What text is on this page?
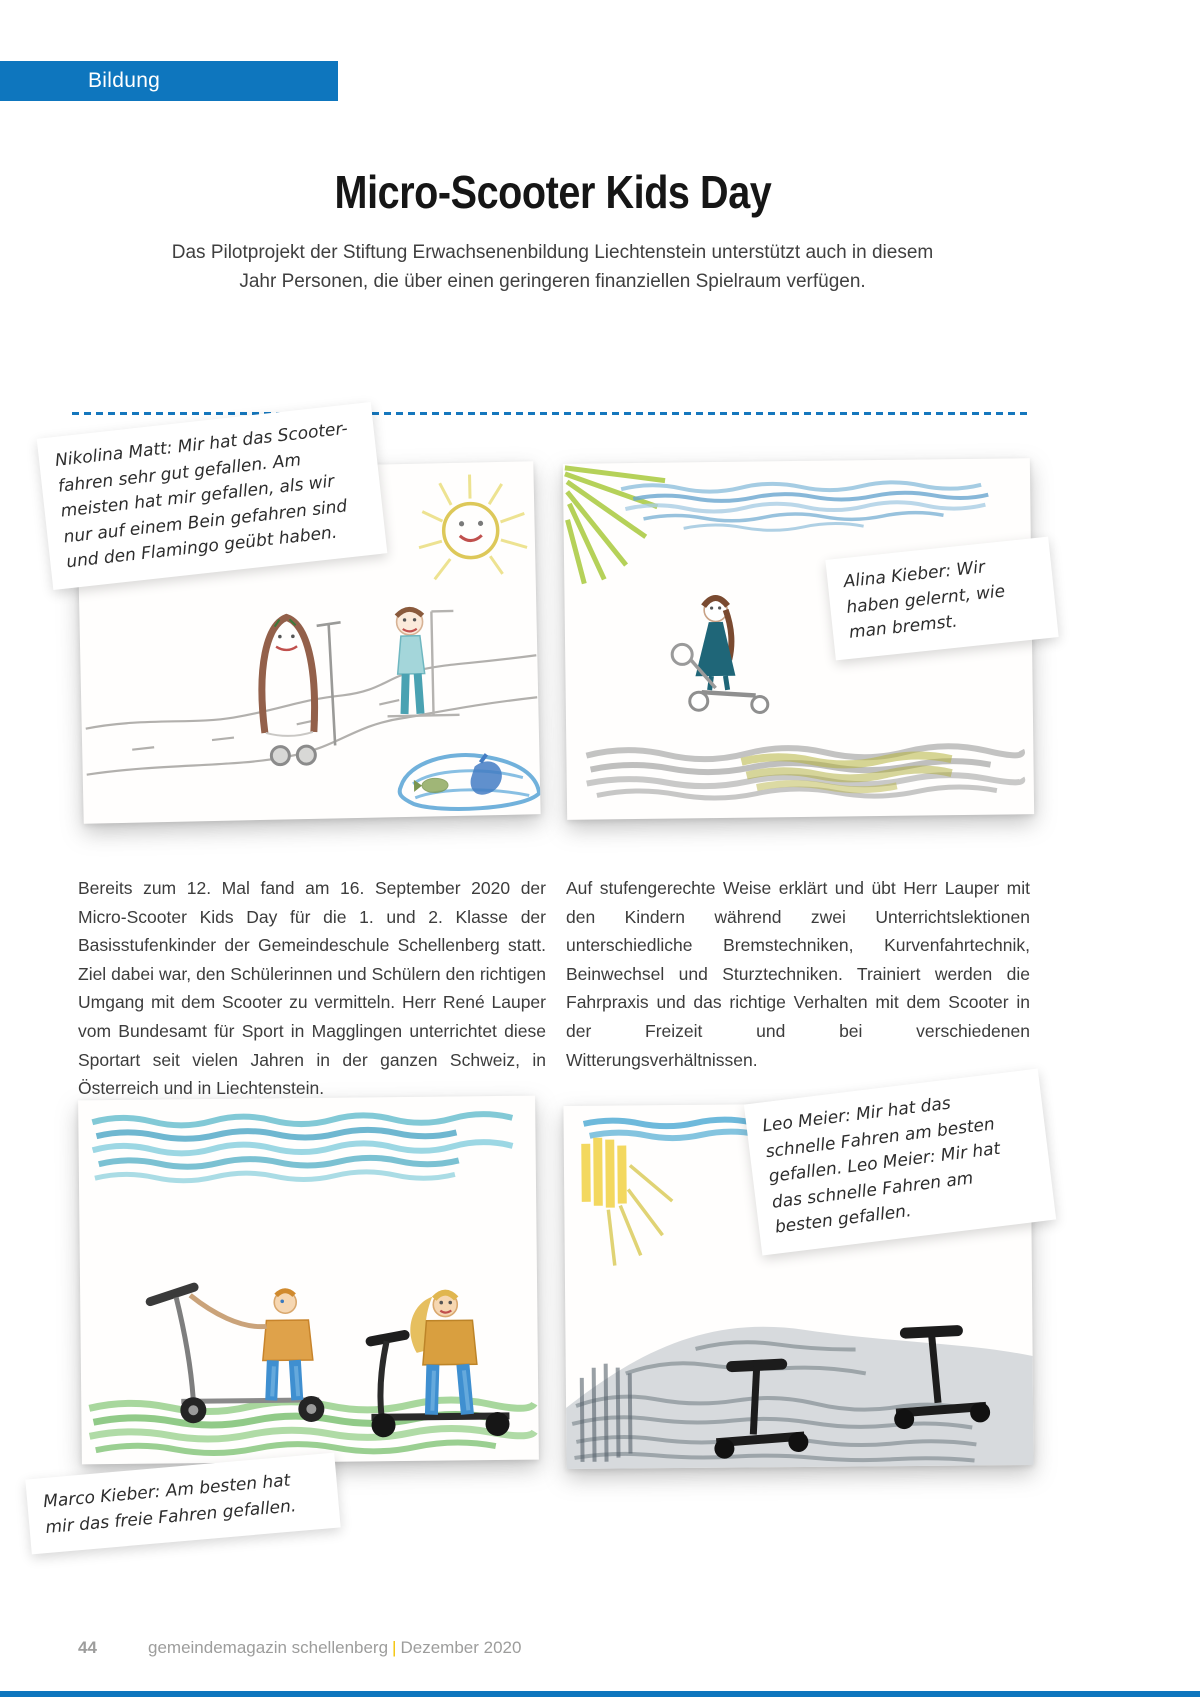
Bildung
Micro-Scooter Kids Day

Das Pilotprojekt der Stiftung Erwachsenenbildung Liechtenstein unterstützt auch in diesem Jahr Personen, die über einen geringeren finanziellen Spielraum verfügen.

Nikolina Matt: Mir hat das Scooter-fahren sehr gut gefallen. Am meisten hat mir gefallen, als wir nur auf einem Bein gefahren sind und den Flamingo geübt haben.
Alina Kieber: Wir haben gelernt, wie man bremst.

Bereits zum 12. Mal fand am 16. September 2020 der Micro-Scooter Kids Day für die 1. und 2. Klasse der Basisstufenkinder der Gemeindeschule Schellenberg statt. Ziel dabei war, den Schülerinnen und Schülern den richtigen Umgang mit dem Scooter zu vermitteln. Herr René Lauper vom Bundesamt für Sport in Magglingen unterrichtet diese Sportart seit vielen Jahren in der ganzen Schweiz, in Österreich und in Liechtenstein.

Auf stufengerechte Weise erklärt und übt Herr Lauper mit den Kindern während zwei Unterrichtslektionen unterschiedliche Bremstechniken, Kurvenfahrtechnik, Beinwechsel und Sturztechniken. Trainiert werden die Fahrpraxis und das richtige Verhalten mit dem Scooter in der Freizeit und bei verschiedenen Witterungsverhältnissen.

Marco Kieber: Am besten hat mir das freie Fahren gefallen.
Leo Meier: Mir hat das schnelle Fahren am besten gefallen. Leo Meier: Mir hat das schnelle Fahren am besten gefallen.
44	gemeindemagazin schellenberg | Dezember 2020
